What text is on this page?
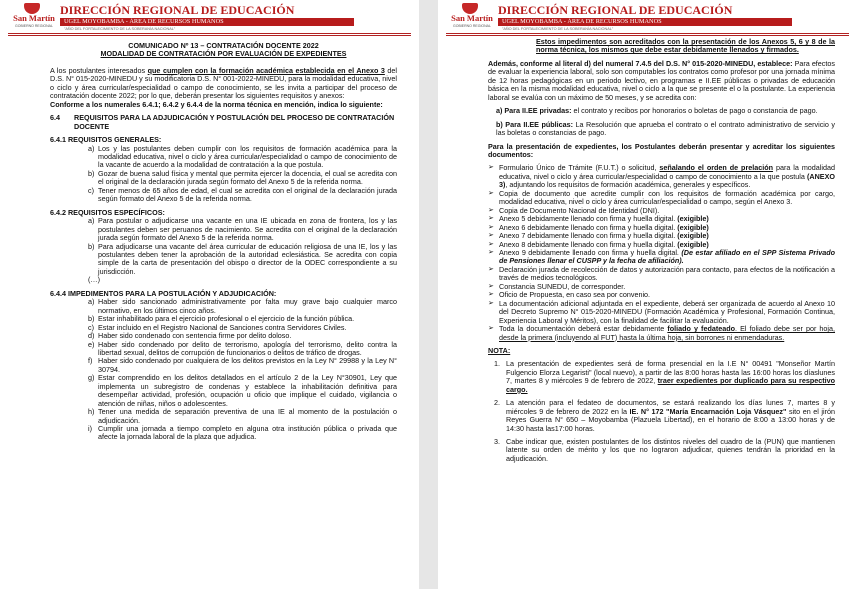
San Martín
GOBIERNO REGIONAL
DIRECCIÓN REGIONAL DE EDUCACIÓN
UGEL MOYOBAMBA - ÁREA DE RECURSOS HUMANOS
"AÑO DEL FORTALECIMIENTO DE LA SOBERANÍA NACIONAL"

COMUNICADO Nº 13 – CONTRATACIÓN DOCENTE 2022

MODALIDAD DE CONTRATACIÓN POR EVALUACIÓN DE EXPEDIENTES

A los postulantes interesados que cumplen con la formación académica establecida en el Anexo 3 del D.S. N° 015-2020-MINEDU y su modificatoria D.S. N° 001-2022-MINEDU, para la modalidad educativa, nivel o ciclo y área curricular/especialidad o campo de conocimiento, se les invita a participar del proceso de contratación docente 2022; por lo que, deberán presentar los siguientes requisitos y anexos:

Conforme a los numerales 6.4.1; 6.4.2 y 6.4.4 de la norma técnica en mención, indica lo siguiente:

6.4	REQUISITOS PARA LA ADJUDICACIÓN Y POSTULACIÓN DEL PROCESO DE CONTRATACIÓN DOCENTE

6.4.1 REQUISITOS GENERALES:

a) Los y las postulantes deben cumplir con los requisitos de formación académica para la modalidad educativa, nivel o ciclo y área curricular/especialidad o campo de conocimiento de la vacante de acuerdo a la modalidad de contratación a la que postula.
b) Gozar de buena salud física y mental que permita ejercer la docencia, el cual se acredita con el original de la declaración jurada según formato del Anexo 5 de la referida norma.
c) Tener menos de 65 años de edad, el cual se acredita con el original de la declaración jurada según formato del Anexo 5 de la referida norma.

6.4.2 REQUISITOS ESPECÍFICOS:

a) Para postular o adjudicarse una vacante en una IE ubicada en zona de frontera, los y las postulantes deben ser peruanos de nacimiento. Se acredita con el original de la declaración jurada según formato del Anexo 5 de la referida norma.
b) Para adjudicarse una vacante del área curricular de educación religiosa de una IE, los y las postulantes deben tener la aprobación de la autoridad eclesiástica. Se acredita con copia simple de la carta de presentación del obispo o director de la ODEC correspondiente a su jurisdicción.

(…)

6.4.4 IMPEDIMENTOS PARA LA POSTULACIÓN Y ADJUDICACIÓN:

a) Haber sido sancionado administrativamente por falta muy grave bajo cualquier marco normativo, en los últimos cinco años.
b) Estar inhabilitado para el ejercicio profesional o el ejercicio de la función pública.
c) Estar incluido en el Registro Nacional de Sanciones contra Servidores Civiles.
d) Haber sido condenado con sentencia firme por delito doloso.
e) Haber sido condenado por delito de terrorismo, apología del terrorismo, delito contra la libertad sexual, delitos de corrupción de funcionarios o delitos de tráfico de drogas.
f) Haber sido condenado por cualquiera de los delitos previstos en la Ley N° 29988 y la Ley N° 30794.
g) Estar comprendido en los delitos detallados en el artículo 2 de la Ley N°30901, Ley que implementa un subregistro de condenas y establece la inhabilitación definitiva para desempeñar actividad, profesión, ocupación u oficio que implique el cuidado, vigilancia o atención de niñas, niños o adolescentes.
h) Tener una medida de separación preventiva de una IE al momento de la postulación o adjudicación.
i) Cumplir una jornada a tiempo completo en alguna otra institución pública o privada que afecte la jornada laboral de la plaza que adjudica.
San Martín
GOBIERNO REGIONAL
DIRECCIÓN REGIONAL DE EDUCACIÓN
UGEL MOYOBAMBA - ÁREA DE RECURSOS HUMANOS
"AÑO DEL FORTALECIMIENTO DE LA SOBERANÍA NACIONAL"

Estos impedimentos son acreditados con la presentación de los Anexos 5, 6 y 8 de la norma técnica, los mismos que debe estar debidamente llenados y firmados.

Además, conforme al literal d) del numeral 7.4.5 del D.S. N° 015-2020-MINEDU, establece: Para efectos de evaluar la experiencia laboral, solo son computables los contratos como profesor por una jornada mínima de 12 horas pedagógicas en un periodo lectivo, en programas e II.EE públicas o privadas de educación básica en la misma modalidad educativa, nivel o ciclo a la que se presente el o la postulante. La experiencia laboral se evalúa con un máximo de 50 meses, y se acredita con:

a) Para II.EE privadas: el contrato y recibos por honorarios o boletas de pago o constancia de pago.

b) Para II.EE públicas: La Resolución que aprueba el contrato o el contrato administrativo de servicio y las boletas o constancias de pago.

Para la presentación de expedientes, los Postulantes deberán presentar y acreditar los siguientes documentos:

➢ Formulario Único de Trámite (F.U.T.) o solicitud, señalando el orden de prelación para la modalidad educativa, nivel o ciclo y área curricular/especialidad o campo de conocimiento a la que postula (ANEXO 3), adjuntando los requisitos de formación académica, generales y específicos.
➢ Copia de documento que acredite cumplir con los requisitos de formación académica por cargo, modalidad educativa, nivel o ciclo y área curricular/especialidad o campo, según el Anexo 3.
➢ Copia de Documento Nacional de Identidad (DNI).
➢ Anexo 5 debidamente llenado con firma y huella digital. (exigible)
➢ Anexo 6 debidamente llenado con firma y huella digital. (exigible)
➢ Anexo 7 debidamente llenado con firma y huella digital. (exigible)
➢ Anexo 8 debidamente llenado con firma y huella digital. (exigible)
➢ Anexo 9 debidamente llenado con firma y huella digital. (De estar afiliado en el SPP Sistema Privado de Pensiones llenar el CUSPP y la fecha de afiliación).
➢ Declaración jurada de recolección de datos y autorización para contacto, para efectos de la notificación a través de medios tecnológicos.
➢ Constancia SUNEDU, de corresponder.
➢ Oficio de Propuesta, en caso sea por convenio.
➢ La documentación adicional adjuntada en el expediente, deberá ser organizada de acuerdo al Anexo 10 del Decreto Supremo N° 015-2020-MINEDU (Formación Académica y Profesional, Formación Continua, Experiencia Laboral y Méritos), con la finalidad de facilitar la evaluación.
➢ Toda la documentación deberá estar debidamente foliado y fedateado. El foliado debe ser por hoja, desde la primera (incluyendo al FUT) hasta la última hoja, sin borrones ni enmendaduras.

NOTA:

1. La presentación de expedientes será de forma presencial en la I.E N° 00491 "Monseñor Martín Fulgencio Elorza Legaristi" (local nuevo), a partir de las 8:00 horas hasta las 16:00 horas los díaslunes 7, martes 8 y miércoles 9 de febrero de 2022, traer expedientes por duplicado para su respectivo cargo.
2. La atención para el fedateo de documentos, se estará realizando los días lunes 7, martes 8 y miércoles 9 de febrero de 2022 en la IE. N° 172 "María Encarnación Loja Vásquez" sito en el jirón Reyes Guerra N° 650 – Moyobamba (Plazuela Libertad), en el horario de 8:00 a 13:00 horas y de 14:30 hasta las17:00 horas.
3. Cabe indicar que, existen postulantes de los distintos niveles del cuadro de la (PUN) que mantienen latente su orden de mérito y los que no lograron adjudicar, quienes tendrán la prioridad en la adjudicación.
